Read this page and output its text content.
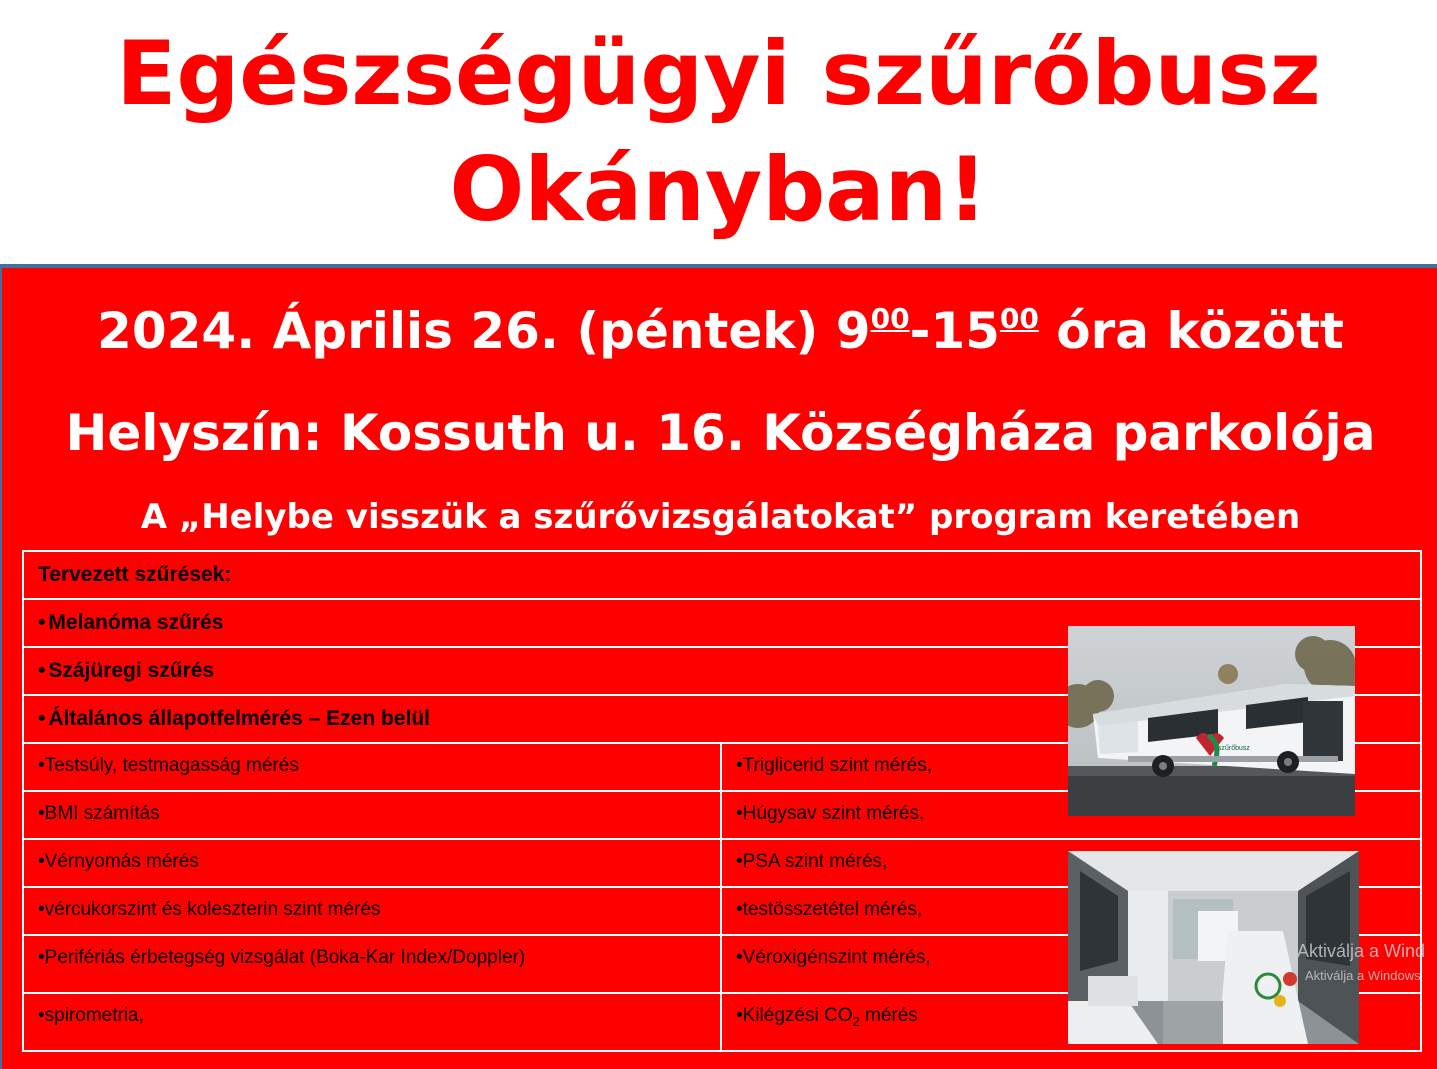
Egészségügyi szűrőbusz
Okányban!
2024. Április 26. (péntek) $9^{00}-15^{00}$ óra között
Helyszín: Kossuth u. 16. Községháza parkolója
A „Helybe visszük a szűrővizsgálatokat” program keretében
Tervezett szűrések:	
• Melanóma szűrés	
• Szájüregi szűrés	
• Általános állapotfelmérés – Ezen belül	
•Testsúly, testmagasság mérés	•Triglicerid szint mérés,
•BMI számítás	•Húgysav szint mérés,
•Vérnyomás mérés	•PSA szint mérés,
•vércukorszint és koleszterin szint mérés	•testösszetétel mérés,
•Perifériás érbetegség vizsgálat (Boka-Kar Index/Doppler)	•Véroxigénszint mérés,
•spirometria,	•Kilégzési $CO_2$ mérés
szűrőbusz
Aktiválja a Wind
Aktiválja a Windows
